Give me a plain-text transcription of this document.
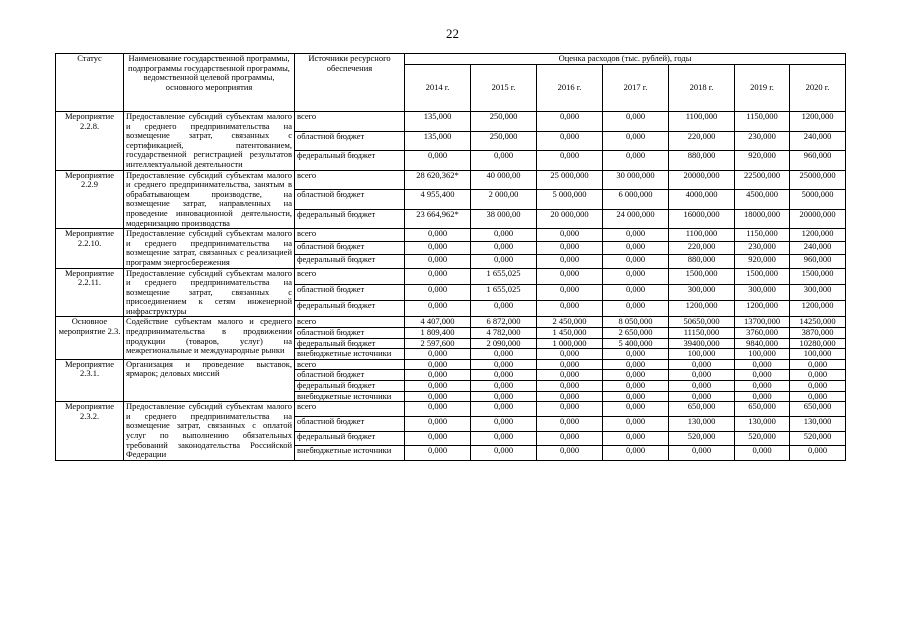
22
Статус	Наименование государственной программы, подпрограммы государственной программы, ведомственной целевой программы, основного мероприятия	Источники ресурсного обеспечения	Оценка расходов (тыс. рублей), годы						
			2014 г.	2015 г.	2016 г.	2017 г.	2018 г.	2019 г.	2020 г.
Мероприятие 2.2.8.	Предоставление субсидий субъектам малого и среднего предпринимательства на возмещение затрат, связанных с сертификацией, патентованием, государственной регистрацией результатов интеллектуальной деятельности	всего	135,000	250,000	0,000	0,000	1100,000	1150,000	1200,000
		областной бюджет	135,000	250,000	0,000	0,000	220,000	230,000	240,000
		федеральный бюджет	0,000	0,000	0,000	0,000	880,000	920,000	960,000
Мероприятие 2.2.9	Предоставление субсидий субъектам малого и среднего предпринимательства, занятым в обрабатывающем производстве, на возмещение затрат, направленных на проведение инновационной деятельности, модернизацию производства	всего	28 620,362*	40 000,00	25 000,000	30 000,000	20000,000	22500,000	25000,000
		областной бюджет	4 955,400	2 000,00	5 000,000	6 000,000	4000,000	4500,000	5000,000
		федеральный бюджет	23 664,962*	38 000,00	20 000,000	24 000,000	16000,000	18000,000	20000,000
Мероприятие 2.2.10.	Предоставление субсидий субъектам малого и среднего предпринимательства на возмещение затрат, связанных с реализацией программ энергосбережения	всего	0,000	0,000	0,000	0,000	1100,000	1150,000	1200,000
		областной бюджет	0,000	0,000	0,000	0,000	220,000	230,000	240,000
		федеральный бюджет	0,000	0,000	0,000	0,000	880,000	920,000	960,000
Мероприятие 2.2.11.	Предоставление субсидий субъектам малого и среднего предпринимательства на возмещение затрат, связанных с присоединением к сетям инженерной инфраструктуры	всего	0,000	1 655,025	0,000	0,000	1500,000	1500,000	1500,000
		областной бюджет	0,000	1 655,025	0,000	0,000	300,000	300,000	300,000
		федеральный бюджет	0,000	0,000	0,000	0,000	1200,000	1200,000	1200,000
Основное мероприятие 2.3.	Содействие субъектам малого и среднего предпринимательства в продвижении продукции (товаров, услуг) на межрегиональные и международные рынки	всего	4 407,000	6 872,000	2 450,000	8 050,000	50650,000	13700,000	14250,000
		областной бюджет	1 809,400	4 782,000	1 450,000	2 650,000	11150,000	3760,000	3870,000
		федеральный бюджет	2 597,600	2 090,000	1 000,000	5 400,000	39400,000	9840,000	10280,000
		внебюджетные источники	0,000	0,000	0,000	0,000	100,000	100,000	100,000
Мероприятие 2.3.1.	Организация и проведение выставок, ярмарок; деловых миссий	всего	0,000	0,000	0,000	0,000	0,000	0,000	0,000
		областной бюджет	0,000	0,000	0,000	0,000	0,000	0,000	0,000
		федеральный бюджет	0,000	0,000	0,000	0,000	0,000	0,000	0,000
		внебюджетные источники	0,000	0,000	0,000	0,000	0,000	0,000	0,000
Мероприятие 2.3.2.	Предоставление субсидий субъектам малого и среднего предпринимательства на возмещение затрат, связанных с оплатой услуг по выполнению обязательных требований законодательства Российской Федерации	всего	0,000	0,000	0,000	0,000	650,000	650,000	650,000
		областной бюджет	0,000	0,000	0,000	0,000	130,000	130,000	130,000
		федеральный бюджет	0,000	0,000	0,000	0,000	520,000	520,000	520,000
		внебюджетные источники	0,000	0,000	0,000	0,000	0,000	0,000	0,000
